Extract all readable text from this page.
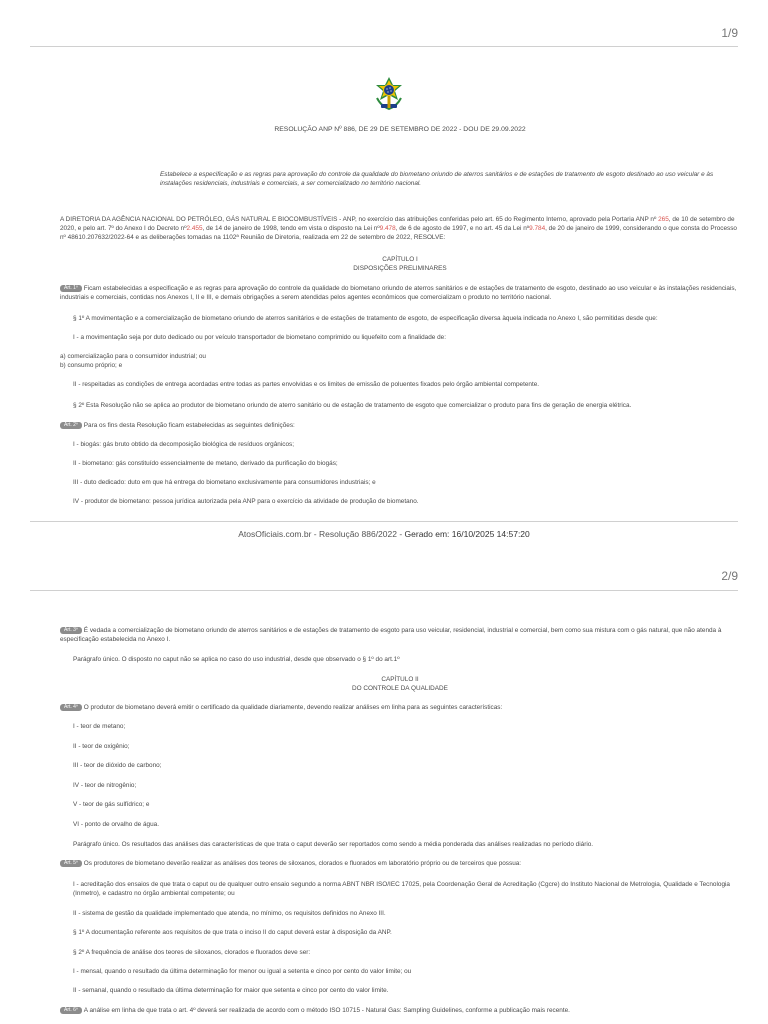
1/9
RESOLUÇÃO ANP Nº 886, DE 29 DE SETEMBRO DE 2022 - DOU DE 29.09.2022
Estabelece a especificação e as regras para aprovação do controle da qualidade do biometano oriundo de aterros sanitários e de estações de tratamento de esgoto destinado ao uso veicular e às instalações residenciais, industriais e comerciais, a ser comercializado no território nacional.
A DIRETORIA DA AGÊNCIA NACIONAL DO PETRÓLEO, GÁS NATURAL E BIOCOMBUSTÍVEIS - ANP, no exercício das atribuições conferidas pelo art. 65 do Regimento Interno, aprovado pela Portaria ANP nº 265, de 10 de setembro de 2020, e pelo art. 7º do Anexo I do Decreto nº2.455, de 14 de janeiro de 1998, tendo em vista o disposto na Lei nº9.478, de 6 de agosto de 1997, e no art. 45 da Lei nº9.784, de 20 de janeiro de 1999, considerando o que consta do Processo nº 48610.207632/2022-64 e as deliberações tomadas na 1102ª Reunião de Diretoria, realizada em 22 de setembro de 2022, RESOLVE:
CAPÍTULO I
DISPOSIÇÕES PRELIMINARES
Art. 1º Ficam estabelecidas a especificação e as regras para aprovação do controle da qualidade do biometano oriundo de aterros sanitários e de estações de tratamento de esgoto, destinado ao uso veicular e às instalações residenciais, industriais e comerciais, contidas nos Anexos I, II e III, e demais obrigações a serem atendidas pelos agentes econômicos que comercializam o produto no território nacional.
§ 1º A movimentação e a comercialização de biometano oriundo de aterros sanitários e de estações de tratamento de esgoto, de especificação diversa àquela indicada no Anexo I, são permitidas desde que:
I - a movimentação seja por duto dedicado ou por veículo transportador de biometano comprimido ou liquefeito com a finalidade de:
a) comercialização para o consumidor industrial; ou
b) consumo próprio; e
II - respeitadas as condições de entrega acordadas entre todas as partes envolvidas e os limites de emissão de poluentes fixados pelo órgão ambiental competente.
§ 2º Esta Resolução não se aplica ao produtor de biometano oriundo de aterro sanitário ou de estação de tratamento de esgoto que comercializar o produto para fins de geração de energia elétrica.
Art. 2º Para os fins desta Resolução ficam estabelecidas as seguintes definições:
I - biogás: gás bruto obtido da decomposição biológica de resíduos orgânicos;
II - biometano: gás constituído essencialmente de metano, derivado da purificação do biogás;
III - duto dedicado: duto em que há entrega do biometano exclusivamente para consumidores industriais; e
IV - produtor de biometano: pessoa jurídica autorizada pela ANP para o exercício da atividade de produção de biometano.
AtosOficiais.com.br - Resolução 886/2022 - Gerado em: 16/10/2025 14:57:20
2/9
Art. 3º É vedada a comercialização de biometano oriundo de aterros sanitários e de estações de tratamento de esgoto para uso veicular, residencial, industrial e comercial, bem como sua mistura com o gás natural, que não atenda à especificação estabelecida no Anexo I.
Parágrafo único. O disposto no caput não se aplica no caso do uso industrial, desde que observado o § 1º do art.1º
CAPÍTULO II
DO CONTROLE DA QUALIDADE
Art. 4º O produtor de biometano deverá emitir o certificado da qualidade diariamente, devendo realizar análises em linha para as seguintes características:
I - teor de metano;
II - teor de oxigênio;
III - teor de dióxido de carbono;
IV - teor de nitrogênio;
V - teor de gás sulfídrico; e
VI - ponto de orvalho de água.
Parágrafo único. Os resultados das análises das características de que trata o caput deverão ser reportados como sendo a média ponderada das análises realizadas no período diário.
Art. 5º Os produtores de biometano deverão realizar as análises dos teores de siloxanos, clorados e fluorados em laboratório próprio ou de terceiros que possua:
I - acreditação dos ensaios de que trata o caput ou de qualquer outro ensaio segundo a norma ABNT NBR ISO/IEC 17025, pela Coordenação Geral de Acreditação (Cgcre) do Instituto Nacional de Metrologia, Qualidade e Tecnologia (Inmetro), e cadastro no órgão ambiental competente; ou
II - sistema de gestão da qualidade implementado que atenda, no mínimo, os requisitos definidos no Anexo III.
§ 1º A documentação referente aos requisitos de que trata o inciso II do caput deverá estar à disposição da ANP.
§ 2º A frequência de análise dos teores de siloxanos, clorados e fluorados deve ser:
I - mensal, quando o resultado da última determinação for menor ou igual a setenta e cinco por cento do valor limite; ou
II - semanal, quando o resultado da última determinação for maior que setenta e cinco por cento do valor limite.
Art. 6º A análise em linha de que trata o art. 4º deverá ser realizada de acordo com o método ISO 10715 - Natural Gas: Sampling Guidelines, conforme a publicação mais recente.
